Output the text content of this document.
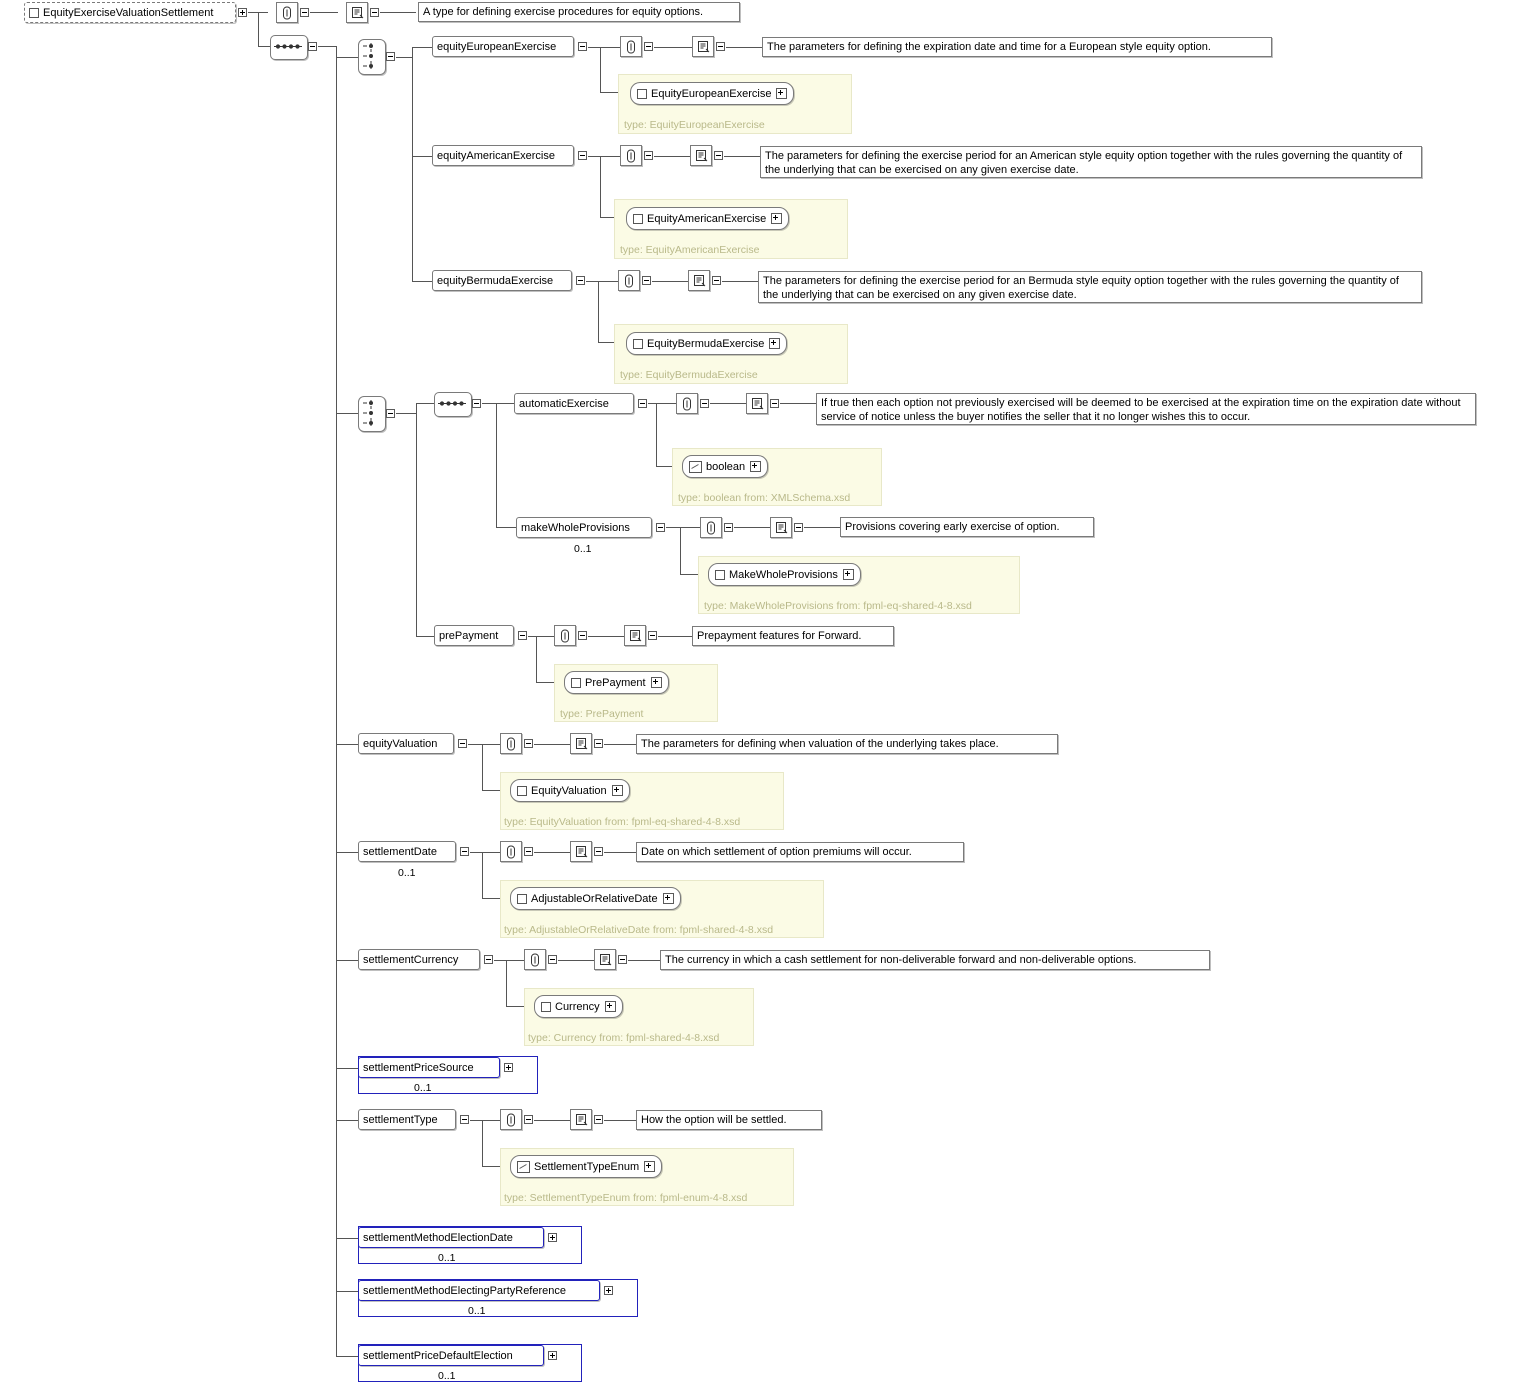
EquityExerciseValuationSettlement	A type for defining exercise procedures for equity options.
equityEuropeanExercise	The parameters for defining the expiration date and time for a European style equity option.
EquityEuropeanExercise
type: EquityEuropeanExercise
equityAmericanExercise	The parameters for defining the exercise period for an American style equity option together with the rules governing the quantity of the underlying that can be exercised on any given exercise date.
EquityAmericanExercise
type: EquityAmericanExercise
equityBermudaExercise	The parameters for defining the exercise period for an Bermuda style equity option together with the rules governing the quantity of the underlying that can be exercised on any given exercise date.
EquityBermudaExercise
type: EquityBermudaExercise
automaticExercise	If true then each option not previously exercised will be deemed to be exercised at the expiration time on the expiration date without service of notice unless the buyer notifies the seller that it no longer wishes this to occur.
boolean
type: boolean from: XMLSchema.xsd
makeWholeProvisions
0..1
Provisions covering early exercise of option.
MakeWholeProvisions
type: MakeWholeProvisions from: fpml-eq-shared-4-8.xsd
prePayment	Prepayment features for Forward.
PrePayment
type: PrePayment
equityValuation	The parameters for defining when valuation of the underlying takes place.
EquityValuation
type: EquityValuation from: fpml-eq-shared-4-8.xsd
settlementDate
0..1
Date on which settlement of option premiums will occur.
AdjustableOrRelativeDate
type: AdjustableOrRelativeDate from: fpml-shared-4-8.xsd
settlementCurrency	The currency in which a cash settlement for non-deliverable forward and non-deliverable options.
Currency
type: Currency from: fpml-shared-4-8.xsd
settlementPriceSource
0..1
settlementType	How the option will be settled.
SettlementTypeEnum
type: SettlementTypeEnum from: fpml-enum-4-8.xsd
settlementMethodElectionDate
0..1
settlementMethodElectingPartyReference
0..1
settlementPriceDefaultElection
0..1
